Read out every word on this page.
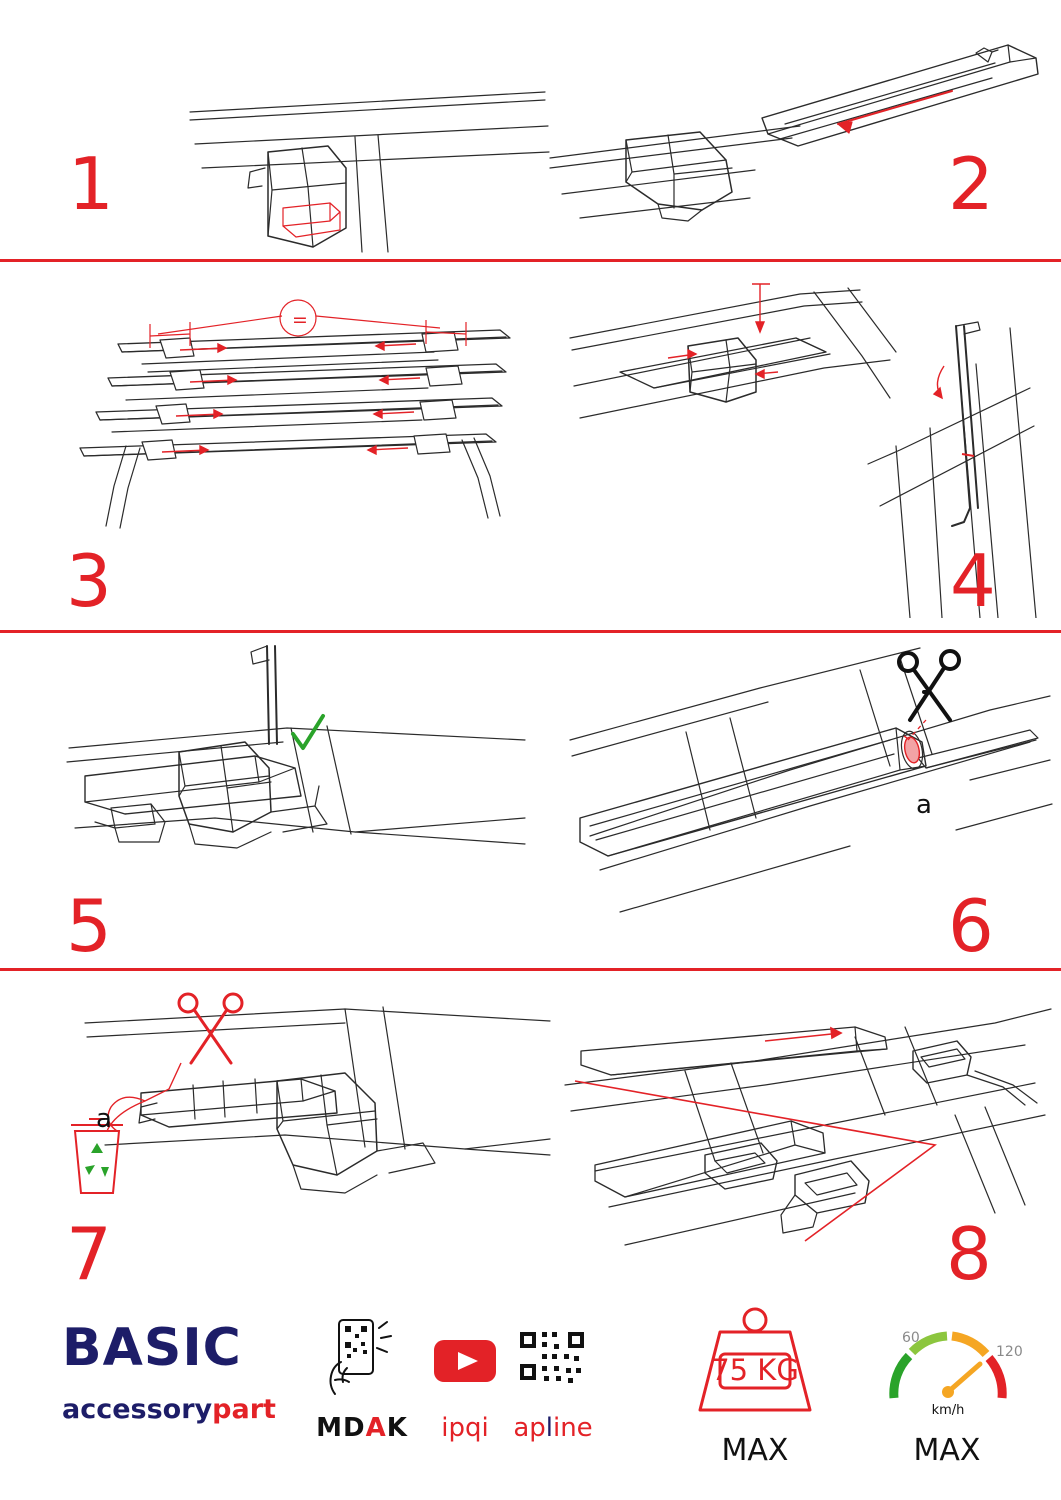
1	2
=
3	4
5
a
6
a
7	8
BASIC
accessorypart
MDAK	ipqi apline
75 KG
MAX
60
120
km/h
MAX
